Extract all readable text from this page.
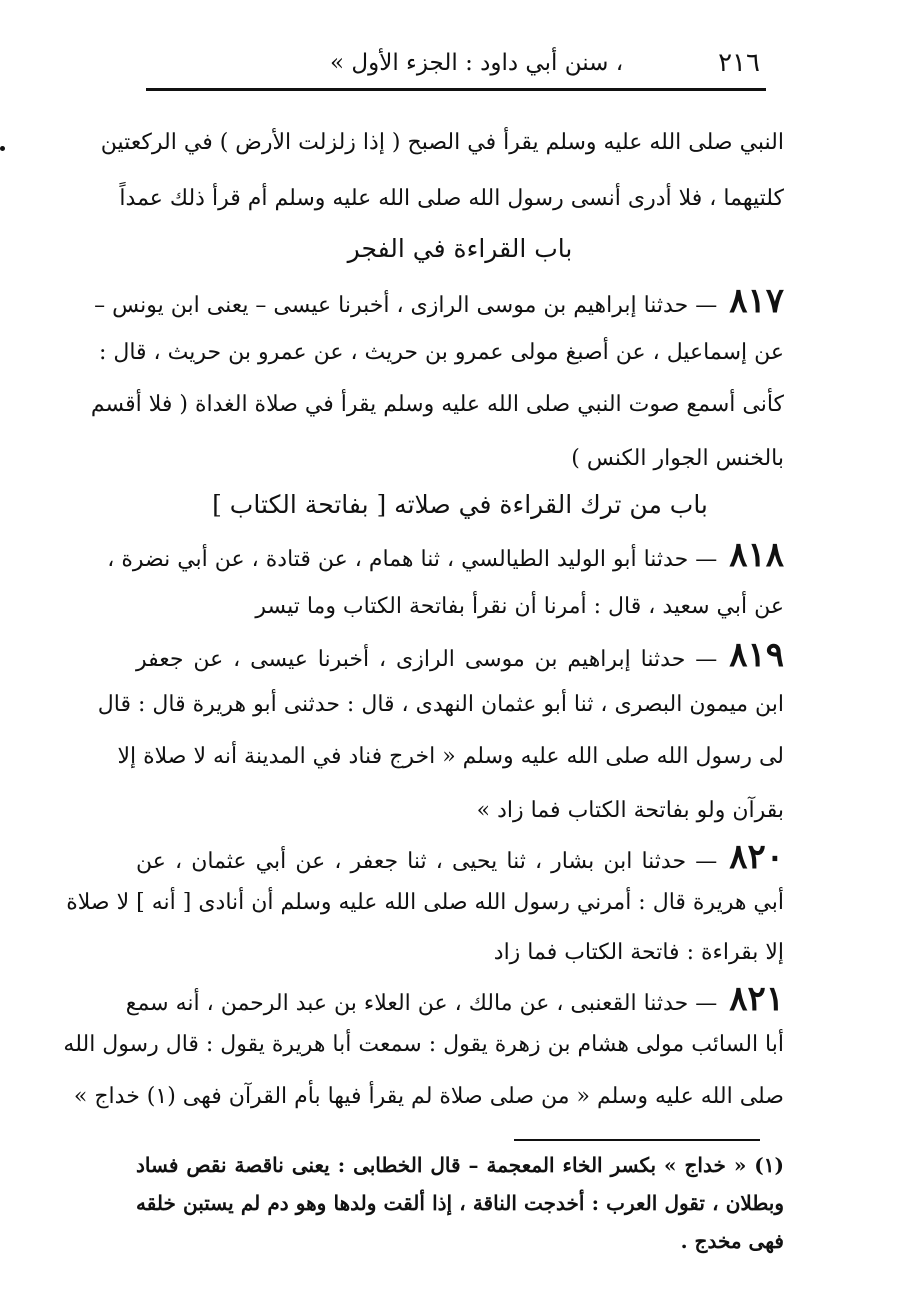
٢١٦
، سنن أبي داود : الجزء الأول »
النبي صلى الله عليه وسلم يقرأ في الصبح ( إذا زلزلت الأرض ) في الركعتين
كلتيهما ، فلا أدرى أنسى رسول الله صلى الله عليه وسلم أم قرأ ذلك عمداً
باب القراءة في الفجر
٨١٧— حدثنا إبراهيم بن موسى الرازى ، أخبرنا عيسى – يعنى ابن يونس –
عن إسماعيل ، عن أصبغ مولى عمرو بن حريث ، عن عمرو بن حريث ، قال :
كأنى أسمع صوت النبي صلى الله عليه وسلم يقرأ في صلاة الغداة ( فلا أقسم
بالخنس الجوار الكنس )
باب من ترك القراءة في صلاته [ بفاتحة الكتاب ]
٨١٨— حدثنا أبو الوليد الطيالسي ، ثنا همام ، عن قتادة ، عن أبي نضرة ،
عن أبي سعيد ، قال : أمرنا أن نقرأ بفاتحة الكتاب وما تيسر
٨١٩— حدثنا إبراهيم بن موسى الرازى ، أخبرنا عيسى ، عن جعفر
ابن ميمون البصرى ، ثنا أبو عثمان النهدى ، قال : حدثنى أبو هريرة قال : قال
لى رسول الله صلى الله عليه وسلم « اخرج فناد في المدينة أنه لا صلاة إلا
بقرآن ولو بفاتحة الكتاب فما زاد »
٨٢٠— حدثنا ابن بشار ، ثنا يحيى ، ثنا جعفر ، عن أبي عثمان ، عن
أبي هريرة قال : أمرني رسول الله صلى الله عليه وسلم أن أنادى [ أنه ] لا صلاة
إلا بقراءة : فاتحة الكتاب فما زاد
٨٢١— حدثنا القعنبى ، عن مالك ، عن العلاء بن عبد الرحمن ، أنه سمع
أبا السائب مولى هشام بن زهرة يقول : سمعت أبا هريرة يقول : قال رسول الله
صلى الله عليه وسلم « من صلى صلاة لم يقرأ فيها بأم القرآن فهى (١) خداج »
(١) « خداج » بكسر الخاء المعجمة – قال الخطابى : يعنى ناقصة نقص فساد
وبطلان ، تقول العرب : أخدجت الناقة ، إذا ألقت ولدها وهو دم لم يستبن خلقه
فهى مخدج .
